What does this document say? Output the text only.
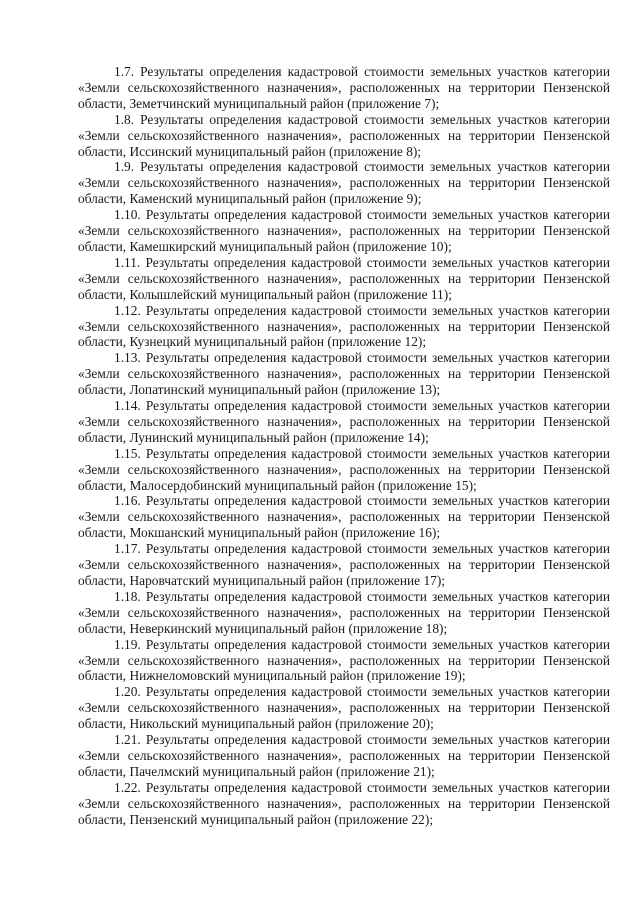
1.7. Результаты определения кадастровой стоимости земельных участков категории «Земли сельскохозяйственного назначения», расположенных на территории Пензенской области, Земетчинский муниципальный район (приложение 7);

1.8. Результаты определения кадастровой стоимости земельных участков категории «Земли сельскохозяйственного назначения», расположенных на территории Пензенской области, Иссинский муниципальный район (приложение 8);

1.9. Результаты определения кадастровой стоимости земельных участков категории «Земли сельскохозяйственного назначения», расположенных на территории Пензенской области, Каменский муниципальный район (приложение 9);

1.10. Результаты определения кадастровой стоимости земельных участков категории «Земли сельскохозяйственного назначения», расположенных на территории Пензенской области, Камешкирский муниципальный район (приложение 10);

1.11. Результаты определения кадастровой стоимости земельных участков категории «Земли сельскохозяйственного назначения», расположенных на территории Пензенской области, Колышлейский муниципальный район (приложение 11);

1.12. Результаты определения кадастровой стоимости земельных участков категории «Земли сельскохозяйственного назначения», расположенных на территории Пензенской области, Кузнецкий муниципальный район (приложение 12);

1.13. Результаты определения кадастровой стоимости земельных участков категории «Земли сельскохозяйственного назначения», расположенных на территории Пензенской области, Лопатинский муниципальный район (приложение 13);

1.14. Результаты определения кадастровой стоимости земельных участков категории «Земли сельскохозяйственного назначения», расположенных на территории Пензенской области, Лунинский муниципальный район (приложение 14);

1.15. Результаты определения кадастровой стоимости земельных участков категории «Земли сельскохозяйственного назначения», расположенных на территории Пензенской области, Малосердобинский муниципальный район (приложение 15);

1.16. Результаты определения кадастровой стоимости земельных участков категории «Земли сельскохозяйственного назначения», расположенных на территории Пензенской области, Мокшанский муниципальный район (приложение 16);

1.17. Результаты определения кадастровой стоимости земельных участков категории «Земли сельскохозяйственного назначения», расположенных на территории Пензенской области, Наровчатский муниципальный район (приложение 17);

1.18. Результаты определения кадастровой стоимости земельных участков категории «Земли сельскохозяйственного назначения», расположенных на территории Пензенской области, Неверкинский муниципальный район (приложение 18);

1.19. Результаты определения кадастровой стоимости земельных участков категории «Земли сельскохозяйственного назначения», расположенных на территории Пензенской области, Нижнеломовский муниципальный район (приложение 19);

1.20. Результаты определения кадастровой стоимости земельных участков категории «Земли сельскохозяйственного назначения», расположенных на территории Пензенской области, Никольский муниципальный район (приложение 20);

1.21. Результаты определения кадастровой стоимости земельных участков категории «Земли сельскохозяйственного назначения», расположенных на территории Пензенской области, Пачелмский муниципальный район (приложение 21);

1.22. Результаты определения кадастровой стоимости земельных участков категории «Земли сельскохозяйственного назначения», расположенных на территории Пензенской области, Пензенский муниципальный район (приложение 22);
